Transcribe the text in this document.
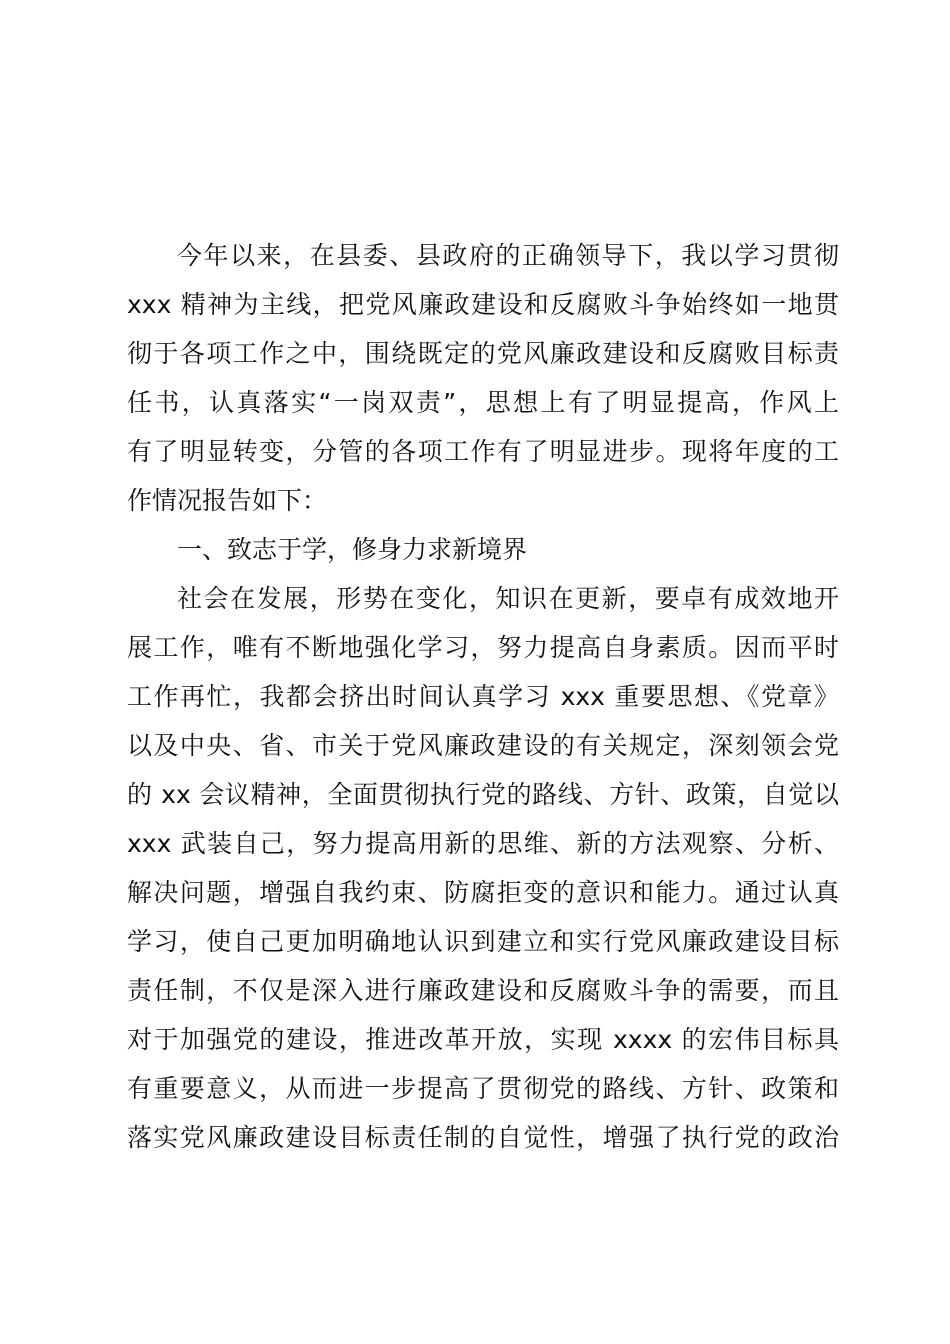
今年以来，在县委、县政府的正确领导下，我以学习贯彻
xxx 精神为主线，把党风廉政建设和反腐败斗争始终如一地贯
彻于各项工作之中，围绕既定的党风廉政建设和反腐败目标责
任书，认真落实“一岗双责”，思想上有了明显提高，作风上
有了明显转变，分管的各项工作有了明显进步。现将年度的工
作情况报告如下：
一、致志于学，修身力求新境界
社会在发展，形势在变化，知识在更新，要卓有成效地开
展工作，唯有不断地强化学习，努力提高自身素质。因而平时
工作再忙，我都会挤出时间认真学习 xxx 重要思想、《党章》
以及中央、省、市关于党风廉政建设的有关规定，深刻领会党
的 xx 会议精神，全面贯彻执行党的路线、方针、政策，自觉以
xxx 武装自己，努力提高用新的思维、新的方法观察、分析、
解决问题，增强自我约束、防腐拒变的意识和能力。通过认真
学习，使自己更加明确地认识到建立和实行党风廉政建设目标
责任制，不仅是深入进行廉政建设和反腐败斗争的需要，而且
对于加强党的建设，推进改革开放，实现 xxxx 的宏伟目标具
有重要意义，从而进一步提高了贯彻党的路线、方针、政策和
落实党风廉政建设目标责任制的自觉性，增强了执行党的政治
